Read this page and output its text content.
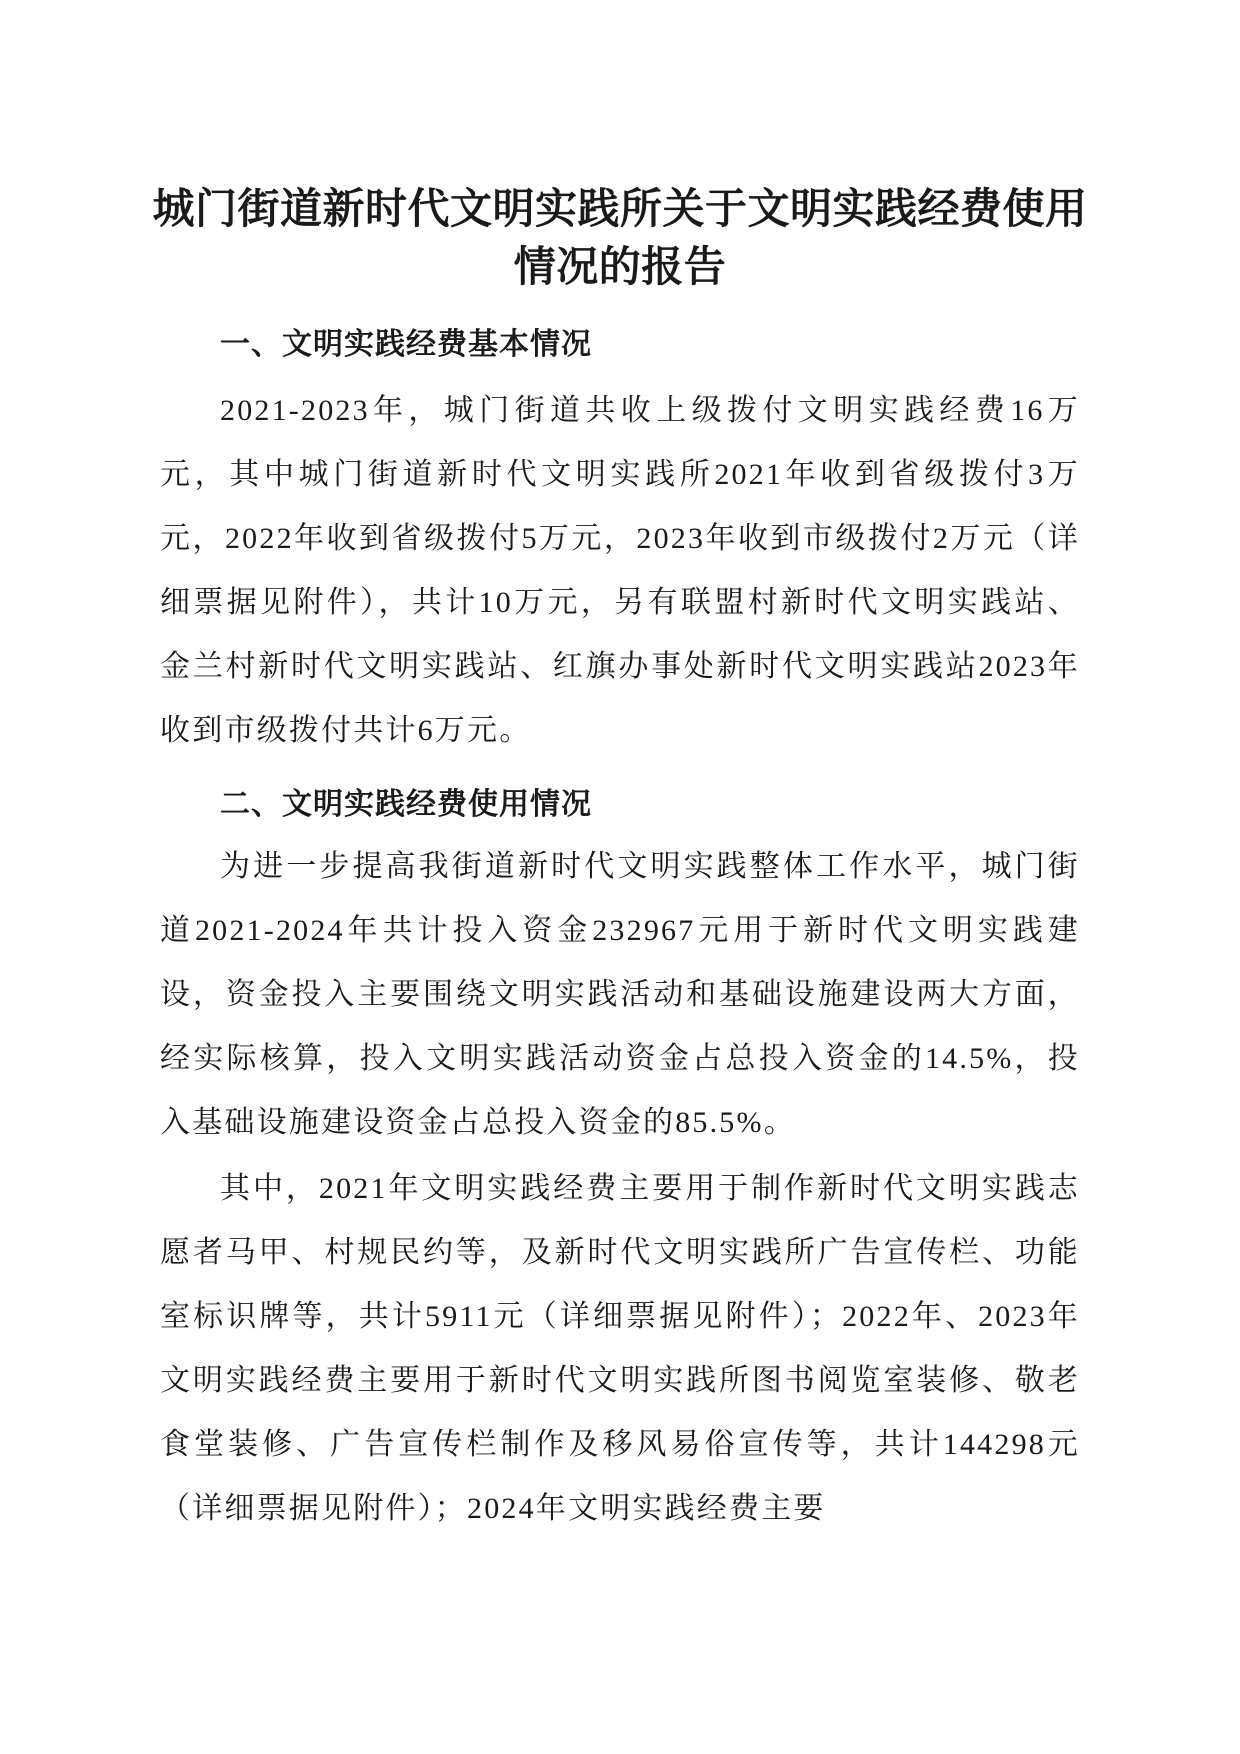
城门街道新时代文明实践所关于文明实践经费使用情况的报告

一、文明实践经费基本情况

2021-2023年，城门街道共收上级拨付文明实践经费16万元，其中城门街道新时代文明实践所2021年收到省级拨付3万元，2022年收到省级拨付5万元，2023年收到市级拨付2万元（详细票据见附件），共计10万元，另有联盟村新时代文明实践站、金兰村新时代文明实践站、红旗办事处新时代文明实践站2023年收到市级拨付共计6万元。

二、文明实践经费使用情况

为进一步提高我街道新时代文明实践整体工作水平，城门街道2021-2024年共计投入资金232967元用于新时代文明实践建设，资金投入主要围绕文明实践活动和基础设施建设两大方面，经实际核算，投入文明实践活动资金占总投入资金的14.5%，投入基础设施建设资金占总投入资金的85.5%。

其中，2021年文明实践经费主要用于制作新时代文明实践志愿者马甲、村规民约等，及新时代文明实践所广告宣传栏、功能室标识牌等，共计5911元（详细票据见附件）；2022年、2023年文明实践经费主要用于新时代文明实践所图书阅览室装修、敬老食堂装修、广告宣传栏制作及移风易俗宣传等，共计144298元（详细票据见附件）；2024年文明实践经费主要
